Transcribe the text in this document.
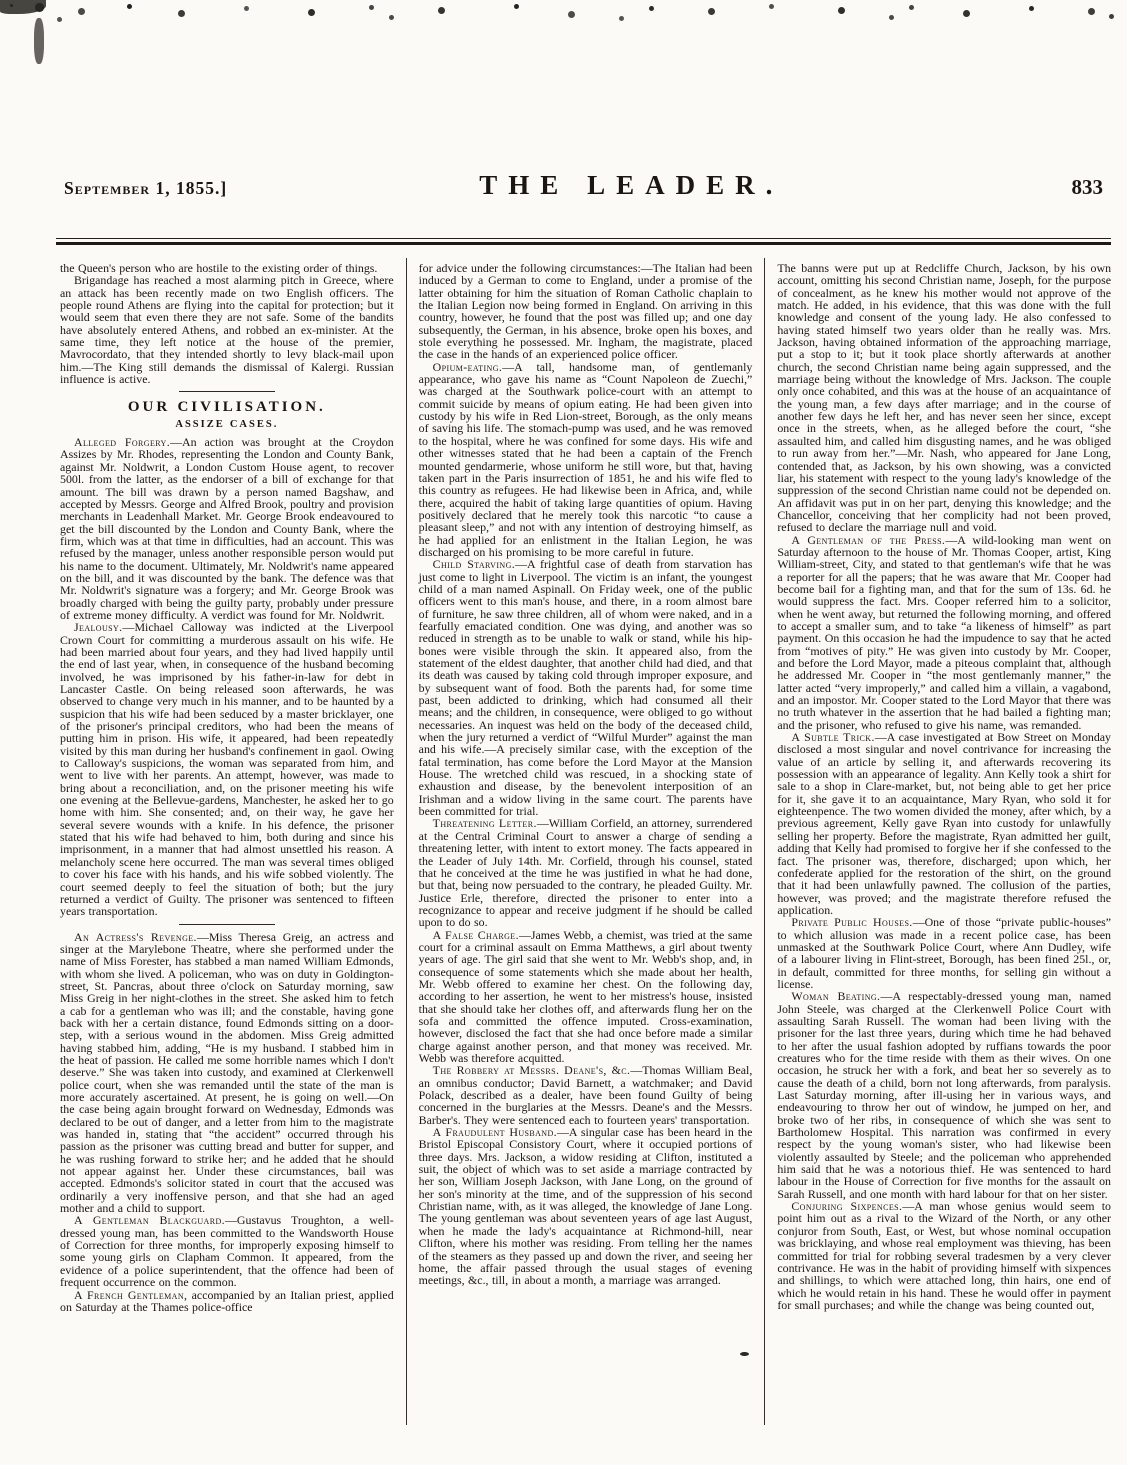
September 1, 1855.]	THE LEADER.	833

the Queen's person who are hostile to the existing order of things.

Brigandage has reached a most alarming pitch in Greece, where an attack has been recently made on two English officers. The people round Athens are flying into the capital for protection; but it would seem that even there they are not safe. Some of the bandits have absolutely entered Athens, and robbed an ex-minister. At the same time, they left notice at the house of the premier, Mavrocordato, that they intended shortly to levy black-mail upon him.—The King still demands the dismissal of Kalergi. Russian influence is active.

OUR CIVILISATION.
ASSIZE CASES.

Alleged Forgery.—An action was brought at the Croydon Assizes by Mr. Rhodes, representing the London and County Bank, against Mr. Noldwrit, a London Custom House agent, to recover 500l. from the latter, as the endorser of a bill of exchange for that amount. The bill was drawn by a person named Bagshaw, and accepted by Messrs. George and Alfred Brook, poultry and provision merchants in Leadenhall Market. Mr. George Brook endeavoured to get the bill discounted by the London and County Bank, where the firm, which was at that time in difficulties, had an account. This was refused by the manager, unless another responsible person would put his name to the document. Ultimately, Mr. Noldwrit's name appeared on the bill, and it was discounted by the bank. The defence was that Mr. Noldwrit's signature was a forgery; and Mr. George Brook was broadly charged with being the guilty party, probably under pressure of extreme money difficulty. A verdict was found for Mr. Noldwrit.

Jealousy.—Michael Calloway was indicted at the Liverpool Crown Court for committing a murderous assault on his wife. He had been married about four years, and they had lived happily until the end of last year, when, in consequence of the husband becoming involved, he was imprisoned by his father-in-law for debt in Lancaster Castle. On being released soon afterwards, he was observed to change very much in his manner, and to be haunted by a suspicion that his wife had been seduced by a master bricklayer, one of the prisoner's principal creditors, who had been the means of putting him in prison. His wife, it appeared, had been repeatedly visited by this man during her husband's confinement in gaol. Owing to Calloway's suspicions, the woman was separated from him, and went to live with her parents. An attempt, however, was made to bring about a reconciliation, and, on the prisoner meeting his wife one evening at the Bellevue-gardens, Manchester, he asked her to go home with him. She consented; and, on their way, he gave her several severe wounds with a knife. In his defence, the prisoner stated that his wife had behaved to him, both during and since his imprisonment, in a manner that had almost unsettled his reason. A melancholy scene here occurred. The man was several times obliged to cover his face with his hands, and his wife sobbed violently. The court seemed deeply to feel the situation of both; but the jury returned a verdict of Guilty. The prisoner was sentenced to fifteen years transportation.

An Actress's Revenge.—Miss Theresa Greig, an actress and singer at the Marylebone Theatre, where she performed under the name of Miss Forester, has stabbed a man named William Edmonds, with whom she lived. A policeman, who was on duty in Goldington-street, St. Pancras, about three o'clock on Saturday morning, saw Miss Greig in her night-clothes in the street. She asked him to fetch a cab for a gentleman who was ill; and the constable, having gone back with her a certain distance, found Edmonds sitting on a door-step, with a serious wound in the abdomen. Miss Greig admitted having stabbed him, adding, “He is my husband. I stabbed him in the heat of passion. He called me some horrible names which I don't deserve.” She was taken into custody, and examined at Clerkenwell police court, when she was remanded until the state of the man is more accurately ascertained. At present, he is going on well.—On the case being again brought forward on Wednesday, Edmonds was declared to be out of danger, and a letter from him to the magistrate was handed in, stating that “the accident” occurred through his passion as the prisoner was cutting bread and butter for supper, and he was rushing forward to strike her; and he added that he should not appear against her. Under these circumstances, bail was accepted. Edmonds's solicitor stated in court that the accused was ordinarily a very inoffensive person, and that she had an aged mother and a child to support.

A Gentleman Blackguard.—Gustavus Troughton, a well-dressed young man, has been committed to the Wandsworth House of Correction for three months, for improperly exposing himself to some young girls on Clapham Common. It appeared, from the evidence of a police superintendent, that the offence had been of frequent occurrence on the common.

A French Gentleman, accompanied by an Italian priest, applied on Saturday at the Thames police-office

for advice under the following circumstances:—The Italian had been induced by a German to come to England, under a promise of the latter obtaining for him the situation of Roman Catholic chaplain to the Italian Legion now being formed in England. On arriving in this country, however, he found that the post was filled up; and one day subsequently, the German, in his absence, broke open his boxes, and stole everything he possessed. Mr. Ingham, the magistrate, placed the case in the hands of an experienced police officer.

Opium-eating.—A tall, handsome man, of gentlemanly appearance, who gave his name as “Count Napoleon de Zuechi,” was charged at the Southwark police-court with an attempt to commit suicide by means of opium eating. He had been given into custody by his wife in Red Lion-street, Borough, as the only means of saving his life. The stomach-pump was used, and he was removed to the hospital, where he was confined for some days. His wife and other witnesses stated that he had been a captain of the French mounted gendarmerie, whose uniform he still wore, but that, having taken part in the Paris insurrection of 1851, he and his wife fled to this country as refugees. He had likewise been in Africa, and, while there, acquired the habit of taking large quantities of opium. Having positively declared that he merely took this narcotic “to cause a pleasant sleep,” and not with any intention of destroying himself, as he had applied for an enlistment in the Italian Legion, he was discharged on his promising to be more careful in future.

Child Starving.—A frightful case of death from starvation has just come to light in Liverpool. The victim is an infant, the youngest child of a man named Aspinall. On Friday week, one of the public officers went to this man's house, and there, in a room almost bare of furniture, he saw three children, all of whom were naked, and in a fearfully emaciated condition. One was dying, and another was so reduced in strength as to be unable to walk or stand, while his hip-bones were visible through the skin. It appeared also, from the statement of the eldest daughter, that another child had died, and that its death was caused by taking cold through improper exposure, and by subsequent want of food. Both the parents had, for some time past, been addicted to drinking, which had consumed all their means; and the children, in consequence, were obliged to go without necessaries. An inquest was held on the body of the deceased child, when the jury returned a verdict of “Wilful Murder” against the man and his wife.—A precisely similar case, with the exception of the fatal termination, has come before the Lord Mayor at the Mansion House. The wretched child was rescued, in a shocking state of exhaustion and disease, by the benevolent interposition of an Irishman and a widow living in the same court. The parents have been committed for trial.

Threatening Letter.—William Corfield, an attorney, surrendered at the Central Criminal Court to answer a charge of sending a threatening letter, with intent to extort money. The facts appeared in the Leader of July 14th. Mr. Corfield, through his counsel, stated that he conceived at the time he was justified in what he had done, but that, being now persuaded to the contrary, he pleaded Guilty. Mr. Justice Erle, therefore, directed the prisoner to enter into a recognizance to appear and receive judgment if he should be called upon to do so.

A False Charge.—James Webb, a chemist, was tried at the same court for a criminal assault on Emma Matthews, a girl about twenty years of age. The girl said that she went to Mr. Webb's shop, and, in consequence of some statements which she made about her health, Mr. Webb offered to examine her chest. On the following day, according to her assertion, he went to her mistress's house, insisted that she should take her clothes off, and afterwards flung her on the sofa and committed the offence imputed. Cross-examination, however, disclosed the fact that she had once before made a similar charge against another person, and that money was received. Mr. Webb was therefore acquitted.

The Robbery at Messrs. Deane's, &c.—Thomas William Beal, an omnibus conductor; David Barnett, a watchmaker; and David Polack, described as a dealer, have been found Guilty of being concerned in the burglaries at the Messrs. Deane's and the Messrs. Barber's. They were sentenced each to fourteen years' transportation.

A Fraudulent Husband.—A singular case has been heard in the Bristol Episcopal Consistory Court, where it occupied portions of three days. Mrs. Jackson, a widow residing at Clifton, instituted a suit, the object of which was to set aside a marriage contracted by her son, William Joseph Jackson, with Jane Long, on the ground of her son's minority at the time, and of the suppression of his second Christian name, with, as it was alleged, the knowledge of Jane Long. The young gentleman was about seventeen years of age last August, when he made the lady's acquaintance at Richmond-hill, near Clifton, where his mother was residing. From telling her the names of the steamers as they passed up and down the river, and seeing her home, the affair passed through the usual stages of evening meetings, &c., till, in about a month, a marriage was arranged.

The banns were put up at Redcliffe Church, Jackson, by his own account, omitting his second Christian name, Joseph, for the purpose of concealment, as he knew his mother would not approve of the match. He added, in his evidence, that this was done with the full knowledge and consent of the young lady. He also confessed to having stated himself two years older than he really was. Mrs. Jackson, having obtained information of the approaching marriage, put a stop to it; but it took place shortly afterwards at another church, the second Christian name being again suppressed, and the marriage being without the knowledge of Mrs. Jackson. The couple only once cohabited, and this was at the house of an acquaintance of the young man, a few days after marriage; and in the course of another few days he left her, and has never seen her since, except once in the streets, when, as he alleged before the court, “she assaulted him, and called him disgusting names, and he was obliged to run away from her.”—Mr. Nash, who appeared for Jane Long, contended that, as Jackson, by his own showing, was a convicted liar, his statement with respect to the young lady's knowledge of the suppression of the second Christian name could not be depended on. An affidavit was put in on her part, denying this knowledge; and the Chancellor, conceiving that her complicity had not been proved, refused to declare the marriage null and void.

A Gentleman of the Press.—A wild-looking man went on Saturday afternoon to the house of Mr. Thomas Cooper, artist, King William-street, City, and stated to that gentleman's wife that he was a reporter for all the papers; that he was aware that Mr. Cooper had become bail for a fighting man, and that for the sum of 13s. 6d. he would suppress the fact. Mrs. Cooper referred him to a solicitor, when he went away, but returned the following morning, and offered to accept a smaller sum, and to take “a likeness of himself” as part payment. On this occasion he had the impudence to say that he acted from “motives of pity.” He was given into custody by Mr. Cooper, and before the Lord Mayor, made a piteous complaint that, although he addressed Mr. Cooper in “the most gentlemanly manner,” the latter acted “very improperly,” and called him a villain, a vagabond, and an impostor. Mr. Cooper stated to the Lord Mayor that there was no truth whatever in the assertion that he had bailed a fighting man; and the prisoner, who refused to give his name, was remanded.

A Subtle Trick.—A case investigated at Bow Street on Monday disclosed a most singular and novel contrivance for increasing the value of an article by selling it, and afterwards recovering its possession with an appearance of legality. Ann Kelly took a shirt for sale to a shop in Clare-market, but, not being able to get her price for it, she gave it to an acquaintance, Mary Ryan, who sold it for eighteenpence. The two women divided the money, after which, by a previous agreement, Kelly gave Ryan into custody for unlawfully selling her property. Before the magistrate, Ryan admitted her guilt, adding that Kelly had promised to forgive her if she confessed to the fact. The prisoner was, therefore, discharged; upon which, her confederate applied for the restoration of the shirt, on the ground that it had been unlawfully pawned. The collusion of the parties, however, was proved; and the magistrate therefore refused the application.

Private Public Houses.—One of those “private public-houses” to which allusion was made in a recent police case, has been unmasked at the Southwark Police Court, where Ann Dudley, wife of a labourer living in Flint-street, Borough, has been fined 25l., or, in default, committed for three months, for selling gin without a license.

Woman Beating.—A respectably-dressed young man, named John Steele, was charged at the Clerkenwell Police Court with assaulting Sarah Russell. The woman had been living with the prisoner for the last three years, during which time he had behaved to her after the usual fashion adopted by ruffians towards the poor creatures who for the time reside with them as their wives. On one occasion, he struck her with a fork, and beat her so severely as to cause the death of a child, born not long afterwards, from paralysis. Last Saturday morning, after ill-using her in various ways, and endeavouring to throw her out of window, he jumped on her, and broke two of her ribs, in consequence of which she was sent to Bartholomew Hospital. This narration was confirmed in every respect by the young woman's sister, who had likewise been violently assaulted by Steele; and the policeman who apprehended him said that he was a notorious thief. He was sentenced to hard labour in the House of Correction for five months for the assault on Sarah Russell, and one month with hard labour for that on her sister.

Conjuring Sixpences.—A man whose genius would seem to point him out as a rival to the Wizard of the North, or any other conjuror from South, East, or West, but whose nominal occupation was bricklaying, and whose real employment was thieving, has been committed for trial for robbing several tradesmen by a very clever contrivance. He was in the habit of providing himself with sixpences and shillings, to which were attached long, thin hairs, one end of which he would retain in his hand. These he would offer in payment for small purchases; and while the change was being counted out,
